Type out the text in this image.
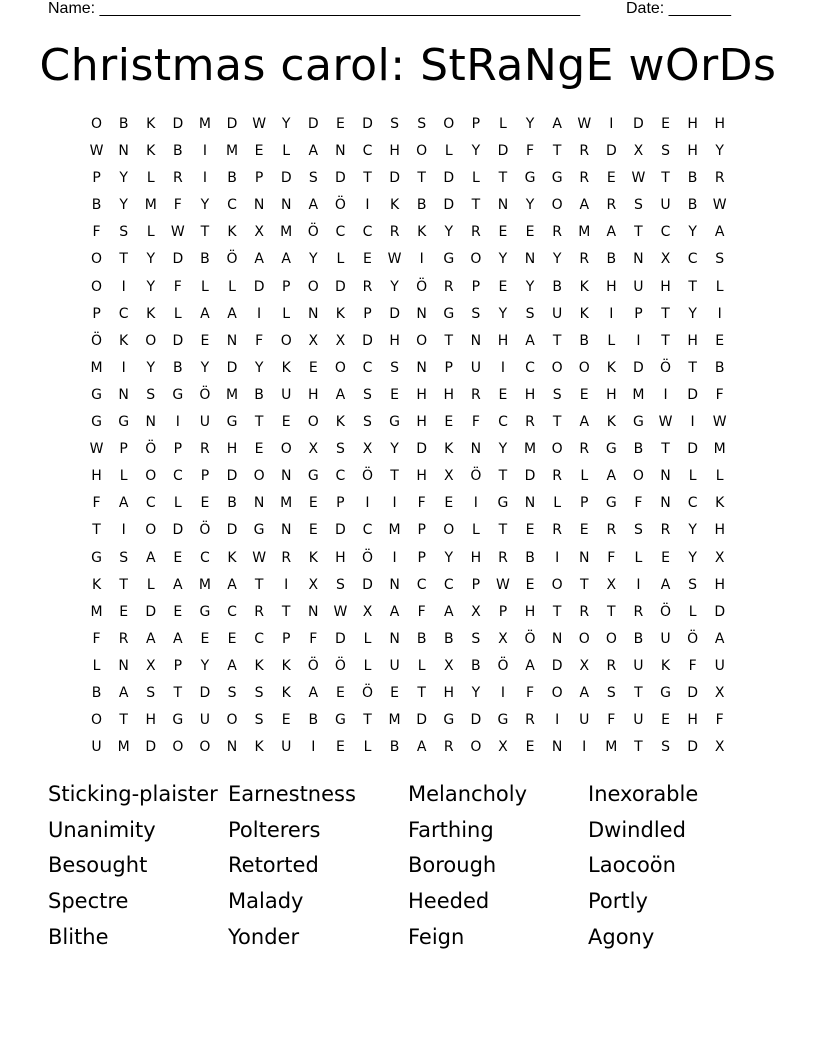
Name: ______________________________________________________	Date: _______
Christmas carol: StRaNgE wOrDs
O	B	K	D	M	D	W	Y	D	E	D	S	S	O	P	L	Y	A	W	I	D	E	H	H
W	N	K	B	I	M	E	L	A	N	C	H	O	L	Y	D	F	T	R	D	X	S	H	Y
P	Y	L	R	I	B	P	D	S	D	T	D	T	D	L	T	G	G	R	E	W	T	B	R
B	Y	M	F	Y	C	N	N	A	Ö	I	K	B	D	T	N	Y	O	A	R	S	U	B	W
F	S	L	W	T	K	X	M	Ö	C	C	R	K	Y	R	E	E	R	M	A	T	C	Y	A
O	T	Y	D	B	Ö	A	A	Y	L	E	W	I	G	O	Y	N	Y	R	B	N	X	C	S
O	I	Y	F	L	L	D	P	O	D	R	Y	Ö	R	P	E	Y	B	K	H	U	H	T	L
P	C	K	L	A	A	I	L	N	K	P	D	N	G	S	Y	S	U	K	I	P	T	Y	I
Ö	K	O	D	E	N	F	O	X	X	D	H	O	T	N	H	A	T	B	L	I	T	H	E
M	I	Y	B	Y	D	Y	K	E	O	C	S	N	P	U	I	C	O	O	K	D	Ö	T	B
G	N	S	G	Ö	M	B	U	H	A	S	E	H	H	R	E	H	S	E	H	M	I	D	F
G	G	N	I	U	G	T	E	O	K	S	G	H	E	F	C	R	T	A	K	G	W	I	W
W	P	Ö	P	R	H	E	O	X	S	X	Y	D	K	N	Y	M	O	R	G	B	T	D	M
H	L	O	C	P	D	O	N	G	C	Ö	T	H	X	Ö	T	D	R	L	A	O	N	L	L
F	A	C	L	E	B	N	M	E	P	I	I	F	E	I	G	N	L	P	G	F	N	C	K
T	I	O	D	Ö	D	G	N	E	D	C	M	P	O	L	T	E	R	E	R	S	R	Y	H
G	S	A	E	C	K	W	R	K	H	Ö	I	P	Y	H	R	B	I	N	F	L	E	Y	X
K	T	L	A	M	A	T	I	X	S	D	N	C	C	P	W	E	O	T	X	I	A	S	H
M	E	D	E	G	C	R	T	N	W	X	A	F	A	X	P	H	T	R	T	R	Ö	L	D
F	R	A	A	E	E	C	P	F	D	L	N	B	B	S	X	Ö	N	O	O	B	U	Ö	A
L	N	X	P	Y	A	K	K	Ö	Ö	L	U	L	X	B	Ö	A	D	X	R	U	K	F	U
B	A	S	T	D	S	S	K	A	E	Ö	E	T	H	Y	I	F	O	A	S	T	G	D	X
O	T	H	G	U	O	S	E	B	G	T	M	D	G	D	G	R	I	U	F	U	E	H	F
U	M	D	O	O	N	K	U	I	E	L	B	A	R	O	X	E	N	I	M	T	S	D	X
Sticking-plaister Earnestness	Melancholy	Inexorable
Unanimity	Polterers	Farthing	Dwindled
Besought	Retorted	Borough	Laocoön
Spectre	Malady	Heeded	Portly
Blithe	Yonder	Feign	Agony
